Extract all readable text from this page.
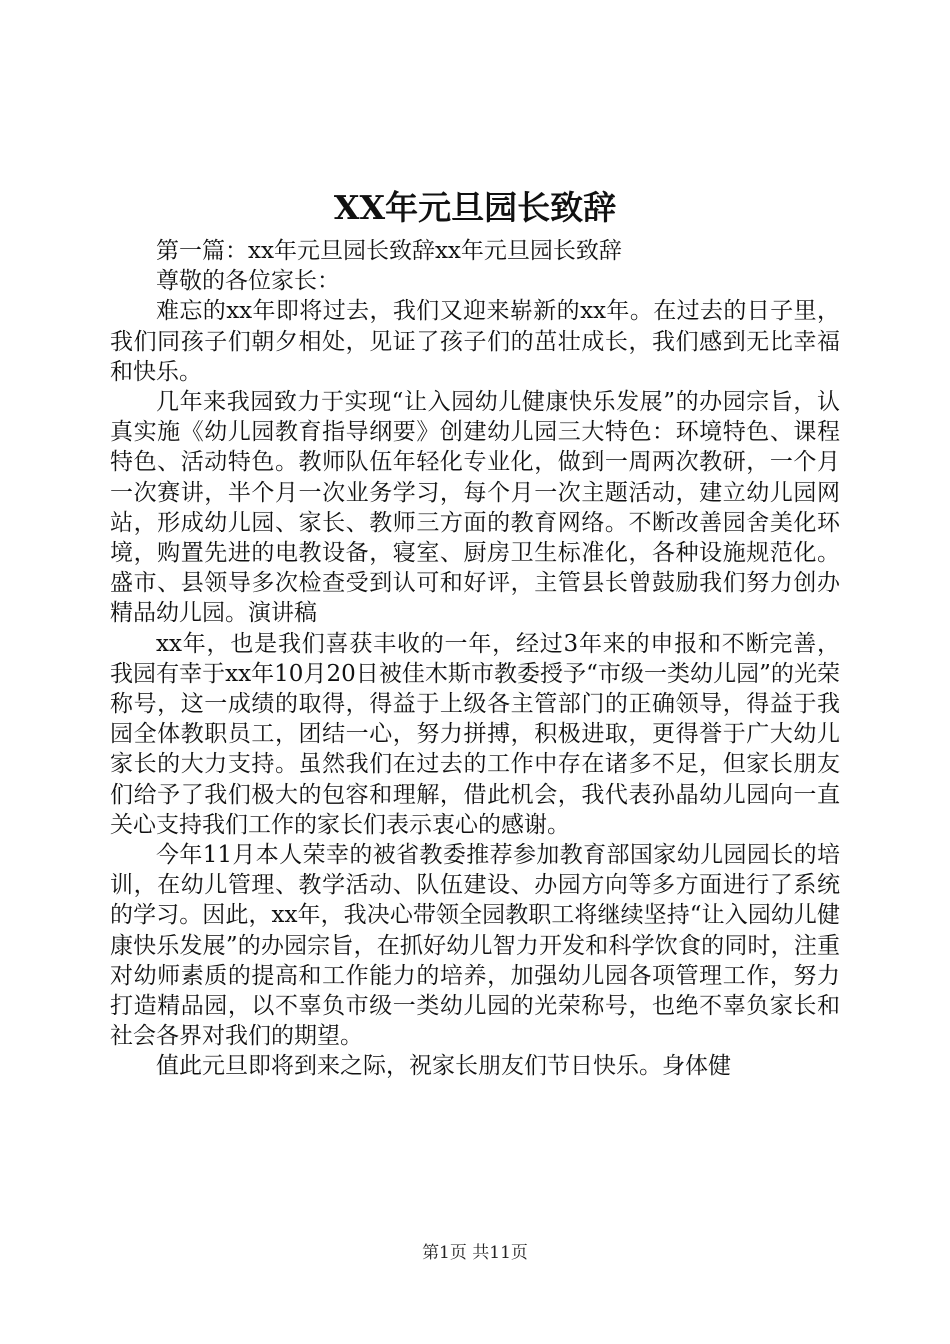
XX年元旦园长致辞

第一篇：xx年元旦园长致辞xx年元旦园长致辞

尊敬的各位家长：

难忘的xx年即将过去，我们又迎来崭新的xx年。在过去的日子里，我们同孩子们朝夕相处，见证了孩子们的茁壮成长，我们感到无比幸福和快乐。

几年来我园致力于实现“让入园幼儿健康快乐发展”的办园宗旨，认真实施《幼儿园教育指导纲要》创建幼儿园三大特色：环境特色、课程特色、活动特色。教师队伍年轻化专业化，做到一周两次教研，一个月一次赛讲，半个月一次业务学习，每个月一次主题活动，建立幼儿园网站，形成幼儿园、家长、教师三方面的教育网络。不断改善园舍美化环境，购置先进的电教设备，寝室、厨房卫生标准化，各种设施规范化。盛市、县领导多次检查受到认可和好评，主管县长曾鼓励我们努力创办精品幼儿园。演讲稿

xx年，也是我们喜获丰收的一年，经过3年来的申报和不断完善，我园有幸于xx年10月20日被佳木斯市教委授予“市级一类幼儿园”的光荣称号，这一成绩的取得，得益于上级各主管部门的正确领导，得益于我园全体教职员工，团结一心，努力拼搏，积极进取，更得誉于广大幼儿家长的大力支持。虽然我们在过去的工作中存在诸多不足，但家长朋友们给予了我们极大的包容和理解，借此机会，我代表孙晶幼儿园向一直关心支持我们工作的家长们表示衷心的感谢。

今年11月本人荣幸的被省教委推荐参加教育部国家幼儿园园长的培训，在幼儿管理、教学活动、队伍建设、办园方向等多方面进行了系统的学习。因此，xx年，我决心带领全园教职工将继续坚持“让入园幼儿健康快乐发展”的办园宗旨，在抓好幼儿智力开发和科学饮食的同时，注重对幼师素质的提高和工作能力的培养，加强幼儿园各项管理工作，努力打造精品园，以不辜负市级一类幼儿园的光荣称号，也绝不辜负家长和社会各界对我们的期望。

值此元旦即将到来之际，祝家长朋友们节日快乐。身体健

第1页 共11页
